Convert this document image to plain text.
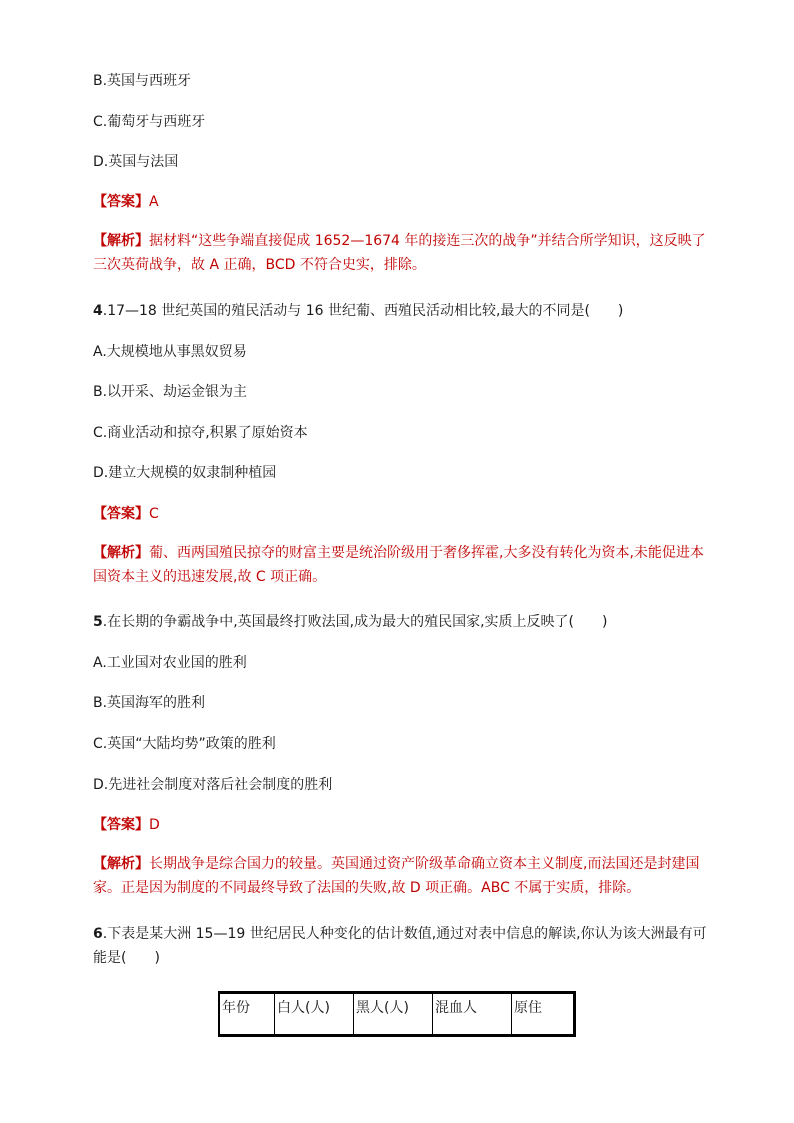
B.英国与西班牙
C.葡萄牙与西班牙
D.英国与法国
【答案】A
【解析】据材料“这些争端直接促成 1652—1674 年的接连三次的战争”并结合所学知识，这反映了三次英荷战争，故 A 正确，BCD 不符合史实，排除。
4.17—18 世纪英国的殖民活动与 16 世纪葡、西殖民活动相比较,最大的不同是(　　)
A.大规模地从事黑奴贸易
B.以开采、劫运金银为主
C.商业活动和掠夺,积累了原始资本
D.建立大规模的奴隶制种植园
【答案】C
【解析】葡、西两国殖民掠夺的财富主要是统治阶级用于奢侈挥霍,大多没有转化为资本,未能促进本国资本主义的迅速发展,故 C 项正确。
5.在长期的争霸战争中,英国最终打败法国,成为最大的殖民国家,实质上反映了(　　)
A.工业国对农业国的胜利
B.英国海军的胜利
C.英国“大陆均势”政策的胜利
D.先进社会制度对落后社会制度的胜利
【答案】D
【解析】长期战争是综合国力的较量。英国通过资产阶级革命确立资本主义制度,而法国还是封建国家。正是因为制度的不同最终导致了法国的失败,故 D 项正确。ABC 不属于实质，排除。
6.下表是某大洲 15—19 世纪居民人种变化的估计数值,通过对表中信息的解读,你认为该大洲最有可能是(　　)
年份	白人(人)	黑人(人)	混血人	原住
